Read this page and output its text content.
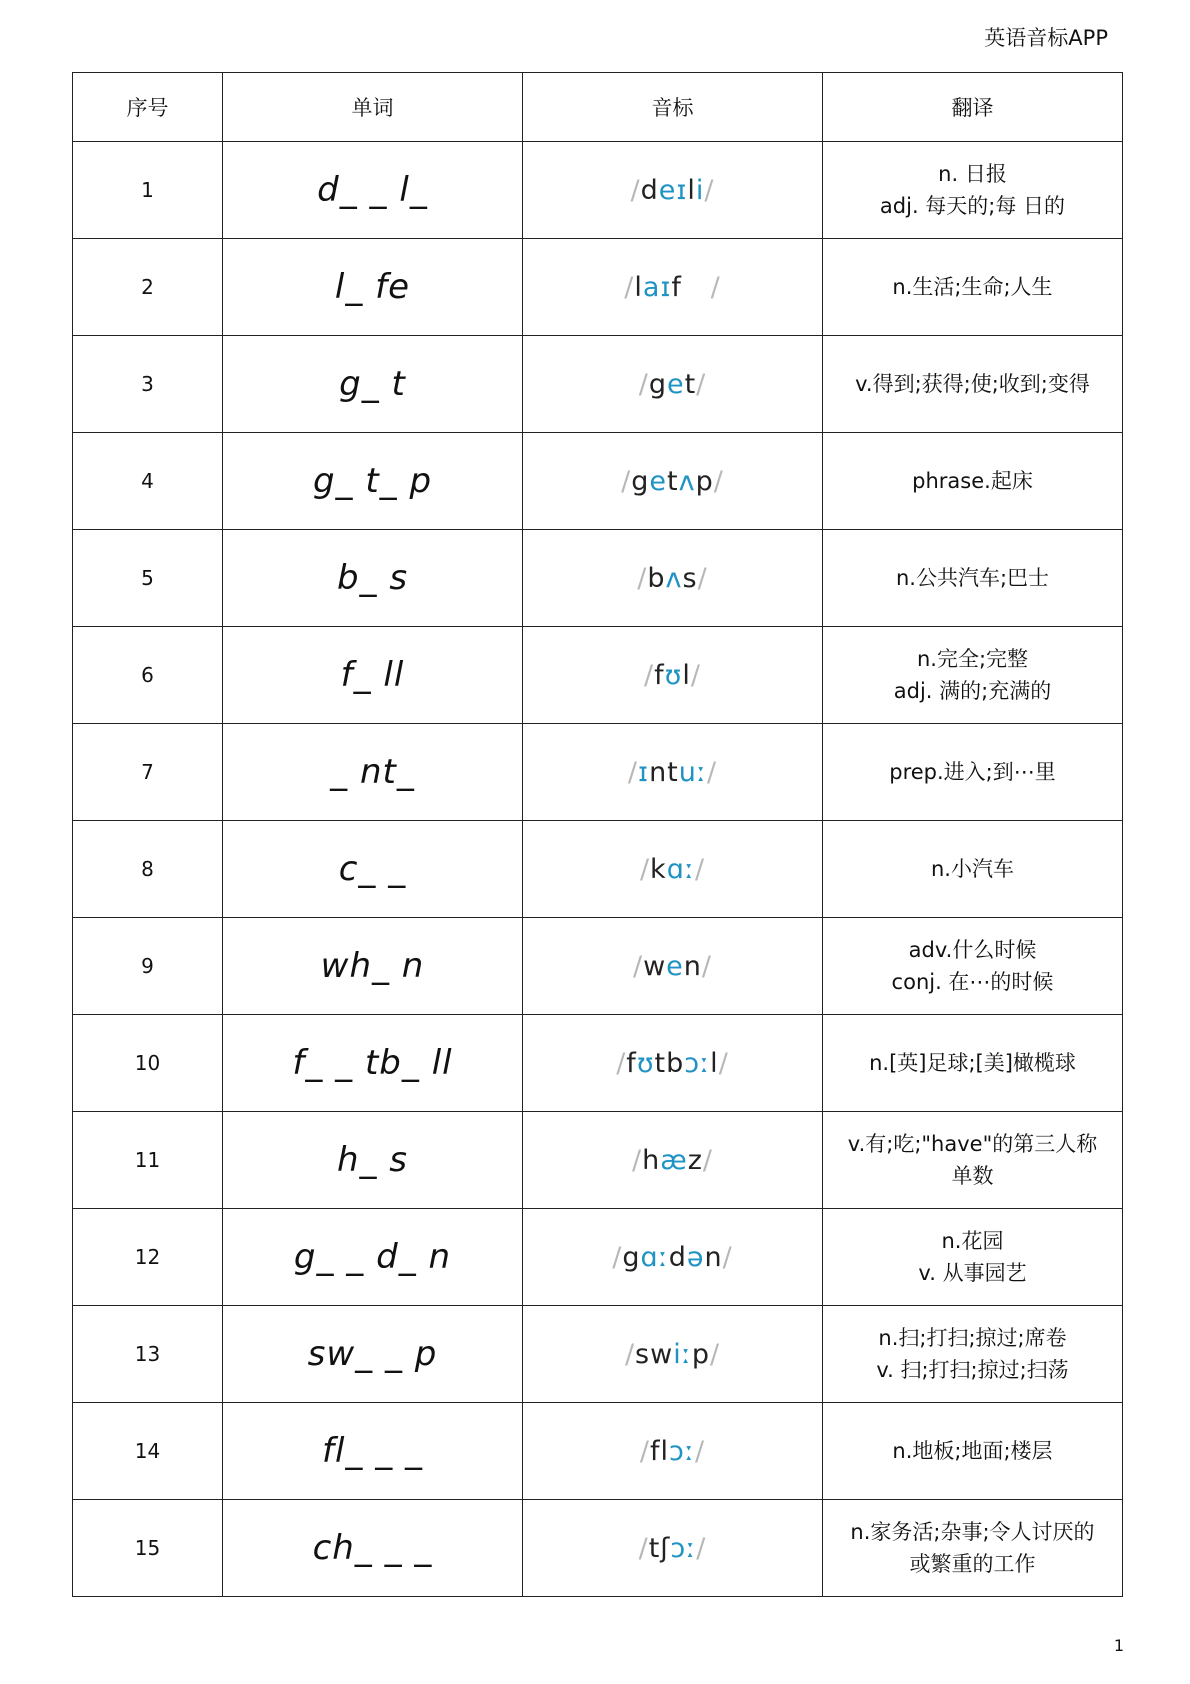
英语音标APP
序号	单词	音标	翻译
1	d_ _ l_	/deɪli/	n. 日报
adj. 每天的;每 日的

2	l_ fe	/laɪf /	n.生活;生命;人生

3	g_ t	/get/	v.得到;获得;使;收到;变得

4	g_ t_ p	/getʌp/	phrase.起床

5	b_ s	/bʌs/	n.公共汽车;巴士

6	f_ ll	/fʊl/	n.完全;完整
adj. 满的;充满的

7	_ nt_	/ɪntuː/	prep.进入;到⋯里

8	c_ _	/kɑː/	n.小汽车

9	wh_ n	/wen/	adv.什么时候
conj. 在⋯的时候

10	f_ _ tb_ ll	/fʊtbɔːl/	n.[英]足球;[美]橄榄球

11	h_ s	/hæz/	v.有;吃;"have"的第三人称
单数

12	g_ _ d_ n	/gɑːdən/	n.花园
v. 从事园艺

13	sw_ _ p	/swiːp/	n.扫;打扫;掠过;席卷
v. 扫;打扫;掠过;扫荡

14	fl_ _ _	/flɔː/	n.地板;地面;楼层

15	ch_ _ _	/tʃɔː/	n.家务活;杂事;令人讨厌的
或繁重的工作
1
